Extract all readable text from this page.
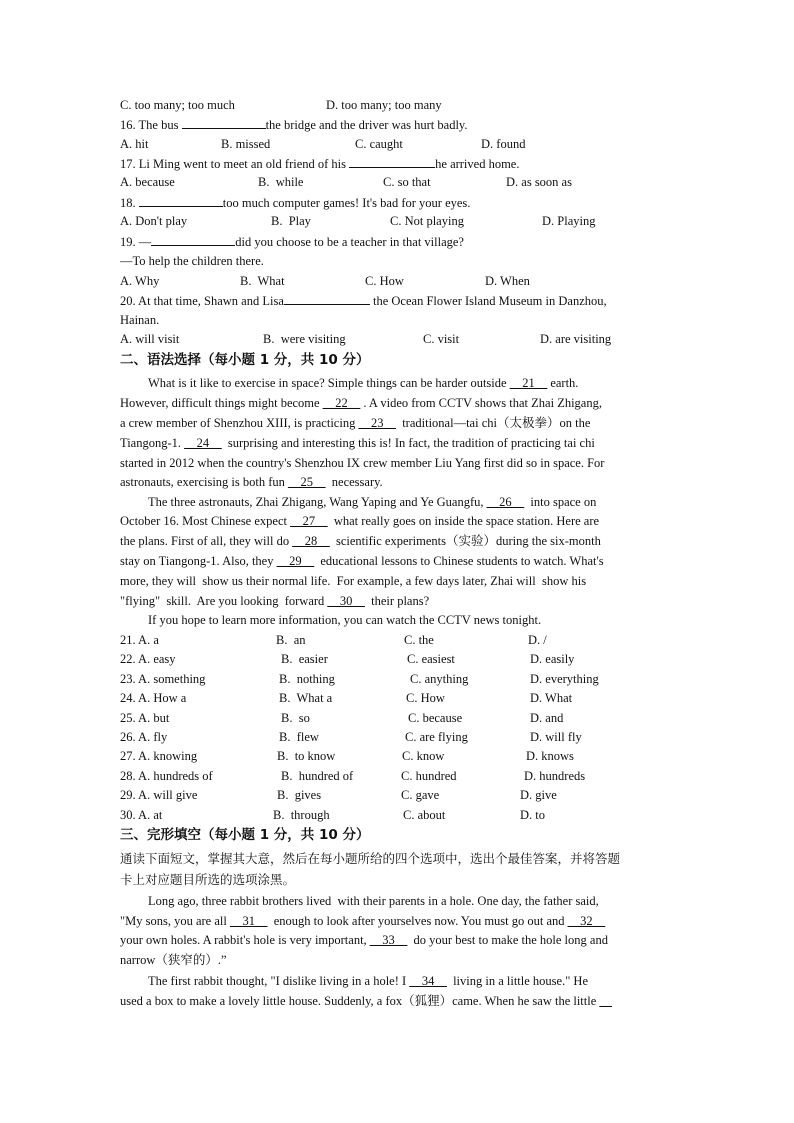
C. too many; too much	D. too many; too many
16. The bus	the bridge and the driver was hurt badly.
A. hit	B. missed	C. caught	D. found
17. Li Ming went to meet an old friend of his	he arrived home.
A. because	B.  while	C. so that	D. as soon as
18.	too much computer games! It's bad for your eyes.
A. Don't play	B.  Play	C. Not playing	D. Playing
19. —	did you choose to be a teacher in that village?
—To help the children there.
A. Why	B.  What	C. How	D. When
20. At that time, Shawn and Lisa	the Ocean Flower Island Museum in Danzhou,
Hainan.
A. will visit	B.  were visiting	C. visit	D. are visiting
二、语法选择（每小题 1 分，共 10 分）
What is it like to exercise in space? Simple things can be harder outside __21__ earth.
However, difficult things might become __22__ . A video from CCTV shows that Zhai Zhigang,
a crew member of Shenzhou XIII, is practicing __23__  traditional—tai chi（太极拳）on the
Tiangong-1. __24__  surprising and interesting this is! In fact, the tradition of practicing tai chi
started in 2012 when the country's Shenzhou IX crew member Liu Yang first did so in space. For
astronauts, exercising is both fun __25__  necessary.
The three astronauts, Zhai Zhigang, Wang Yaping and Ye Guangfu, __26__  into space on
October 16. Most Chinese expect __27__  what really goes on inside the space station. Here are
the plans. First of all, they will do __28__  scientific experiments（实验）during the six-month
stay on Tiangong-1. Also, they __29__  educational lessons to Chinese students to watch. What's
more, they will  show us their normal life.  For example, a few days later, Zhai will  show his
"flying"  skill.  Are you looking  forward __30__  their plans?
If you hope to learn more information, you can watch the CCTV news tonight.
21. A. a	B.  an	C. the	D. /
22. A. easy	B.  easier	C. easiest	D. easily
23. A. something	B.  nothing	C. anything	D. everything
24. A. How a	B.  What a	C. How	D. What
25. A. but	B.  so	C. because	D. and
26. A. fly	B.  flew	C. are flying	D. will fly
27. A. knowing	B.  to know	C. know	D. knows
28. A. hundreds of	B.  hundred of	C. hundred	D. hundreds
29. A. will give	B.  gives	C. gave	D. give
30. A. at	B.  through	C. about	D. to
三、完形填空（每小题 1 分，共 10 分）
通读下面短文，掌握其大意，然后在每小题所给的四个选项中，选出个最佳答案，并将答题
卡上对应题目所选的选项涂黑。
Long ago, three rabbit brothers lived  with their parents in a hole. One day, the father said,
"My sons, you are all __31__  enough to look after yourselves now. You must go out and __32__
your own holes. A rabbit's hole is very important, __33__  do your best to make the hole long and
narrow（狭窄的）.”
The first rabbit thought, "I dislike living in a hole! I __34__  living in a little house." He
used a box to make a lovely little house. Suddenly, a fox（狐狸）came. When he saw the little __
